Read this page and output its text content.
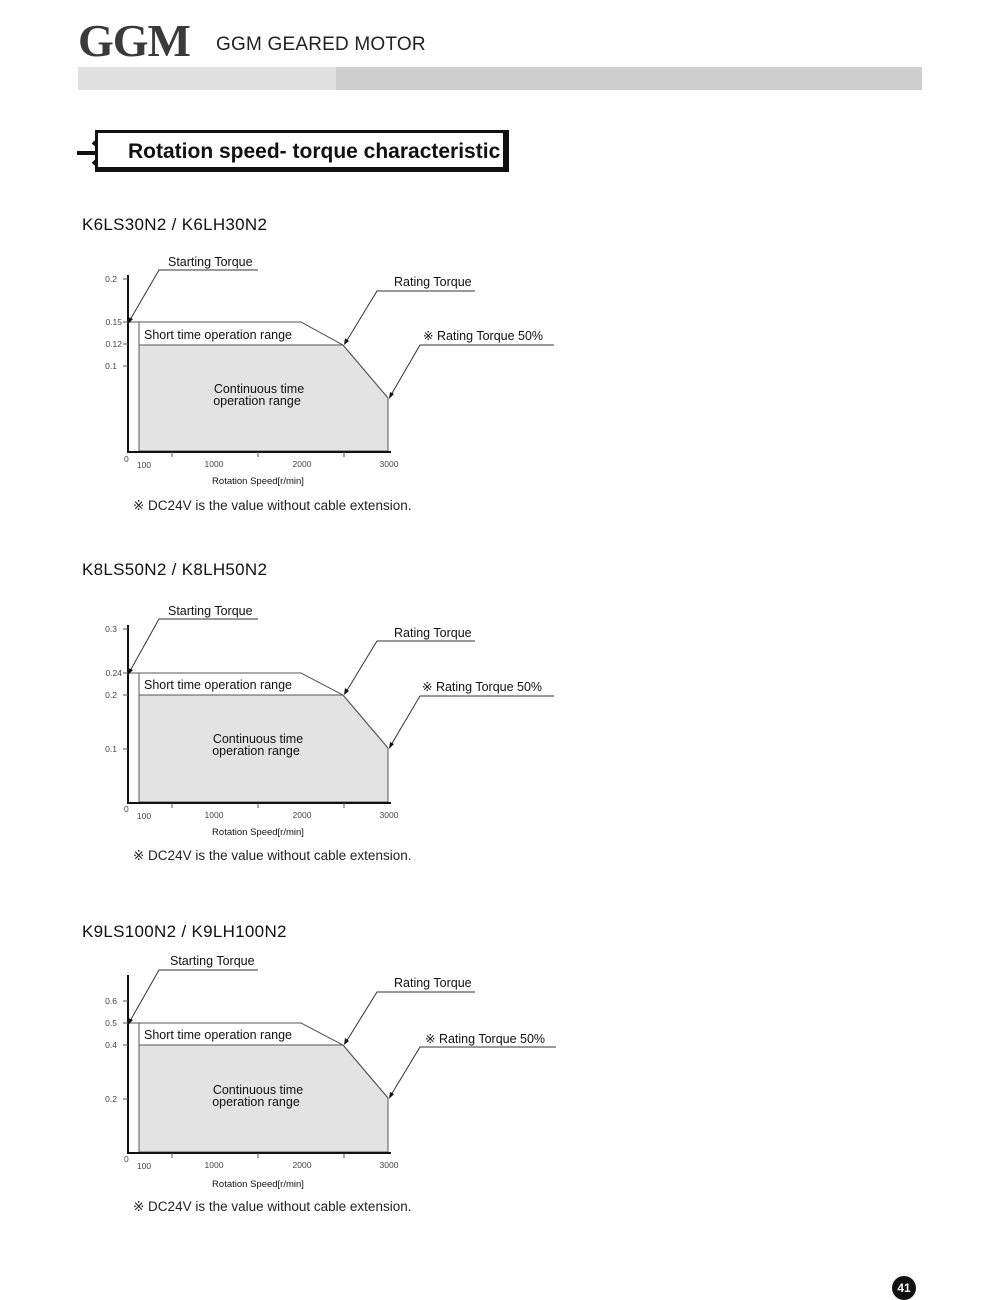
GGM GGM GEARED MOTOR
Rotation speed- torque characteristic
K6LS30N2 / K6LH30N2
0.2
0.15
0.12
0.1
0
100	1000	2000	3000
Rotation Speed[r/min]
Short time operation range
Continuous time
operation range
Starting Torque
Rating Torque
※ Rating Torque 50%
※ DC24V is the value without cable extension.
K8LS50N2 / K8LH50N2
0.3
0.24
0.2
0.1
0
100	1000	2000	3000
Rotation Speed[r/min]
Short time operation range
Continuous time
operation range
Starting Torque
Rating Torque
※ Rating Torque 50%
※ DC24V is the value without cable extension.
K9LS100N2 / K9LH100N2
0.6
0.5
0.4
0.2
0
100	1000	2000	3000
Rotation Speed[r/min]
Short time operation range
Continuous time
operation range
Starting Torque
Rating Torque
※ Rating Torque 50%
※ DC24V is the value without cable extension.
41
